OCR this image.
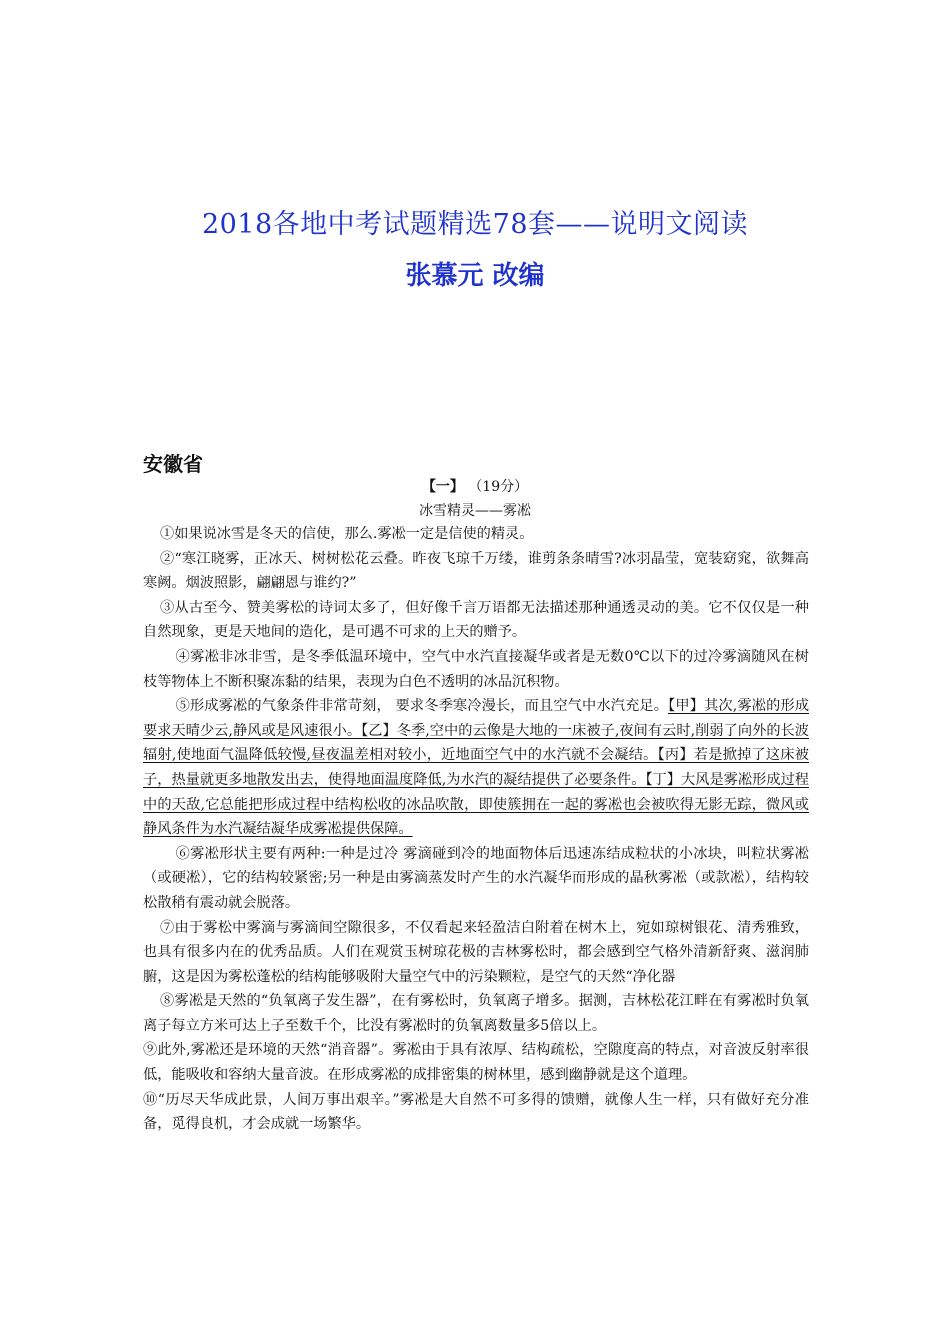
2018各地中考试题精选78套——说明文阅读
张慕元 改编
安徽省
【一】 （19分）
冰雪精灵——雾凇

①如果说冰雪是冬天的信使，那么.雾凇一定是信使的精灵。

②“寒江晓雾，正冰天、树树松花云叠。昨夜飞琼千万缕，谁剪条条晴雪?冰羽晶莹，宽装窈窕，欲舞高寒阙。烟波照影，翩翩恩与谁约?”

③从古至今、赞美雾松的诗词太多了，但好像千言万语都无法描述那种通透灵动的美。它不仅仅是一种自然现象，更是天地间的造化，是可遇不可求的上天的赠予。

④雾凇非冰非雪，是冬季低温环境中，空气中水汽直接凝华或者是无数0℃以下的过冷雾滴随风在树枝等物体上不断积聚冻黏的结果，表现为白色不透明的冰品沉积物。

⑤形成雾凇的气象条件非常苛刻， 要求冬季寒冷漫长，而且空气中水汽充足。【甲】其次,雾凇的形成要求天晴少云,静风或是风速很小。【乙】冬季,空中的云像是大地的一床被子,夜间有云时,削弱了向外的长波辐射,使地面气温降低较慢,昼夜温差相对较小，近地面空气中的水汽就不会凝结。【丙】若是掀掉了这床被子，热量就更多地散发出去，使得地面温度降低,为水汽的凝结提供了必要条件。【丁】大风是雾凇形成过程中的天敌,它总能把形成过程中结构松收的冰品吹散，即使簇拥在一起的雾凇也会被吹得无影无踪，微风或静风条件为水汽凝结凝华成雾凇提供保障。

⑥雾凇形状主要有两种:一种是过冷 雾滴碰到冷的地面物体后迅速冻结成粒状的小冰块，叫粒状雾凇（或硬凇），它的结构较紧密;另一种是由雾滴蒸发时产生的水汽凝华而形成的晶秋雾凇（或款凇），结构较松散稍有震动就会脱落。

⑦由于雾松中雾滴与雾滴间空隙很多，不仅看起来轻盈洁白附着在树木上，宛如琼树银花、清秀雅致，也具有很多内在的优秀品质。人们在观赏玉树琼花极的吉林雾松时，都会感到空气格外清新舒爽、滋润肺腑，这是因为雾松蓬松的结构能够吸附大量空气中的污染颗粒，是空气的天然“净化器

⑧雾凇是天然的“负氧离子发生器”，在有雾松时，负氧离子增多。据测，吉林松花江畔在有雾凇时负氧离子每立方米可达上子至数千个，比没有雾凇时的负氧离数量多5倍以上。

⑨此外,雾凇还是环境的天然“消音器”。雾凇由于具有浓厚、结构疏松，空隙度高的特点，对音波反射率很低，能吸收和容纳大量音波。在形成雾凇的成排密集的树林里，感到幽静就是这个道理。

⑩“历尽天华成此景，人间万事出艰辛。”雾凇是大自然不可多得的馈赠，就像人生一样，只有做好充分准备，觅得良机，才会成就一场繁华。
